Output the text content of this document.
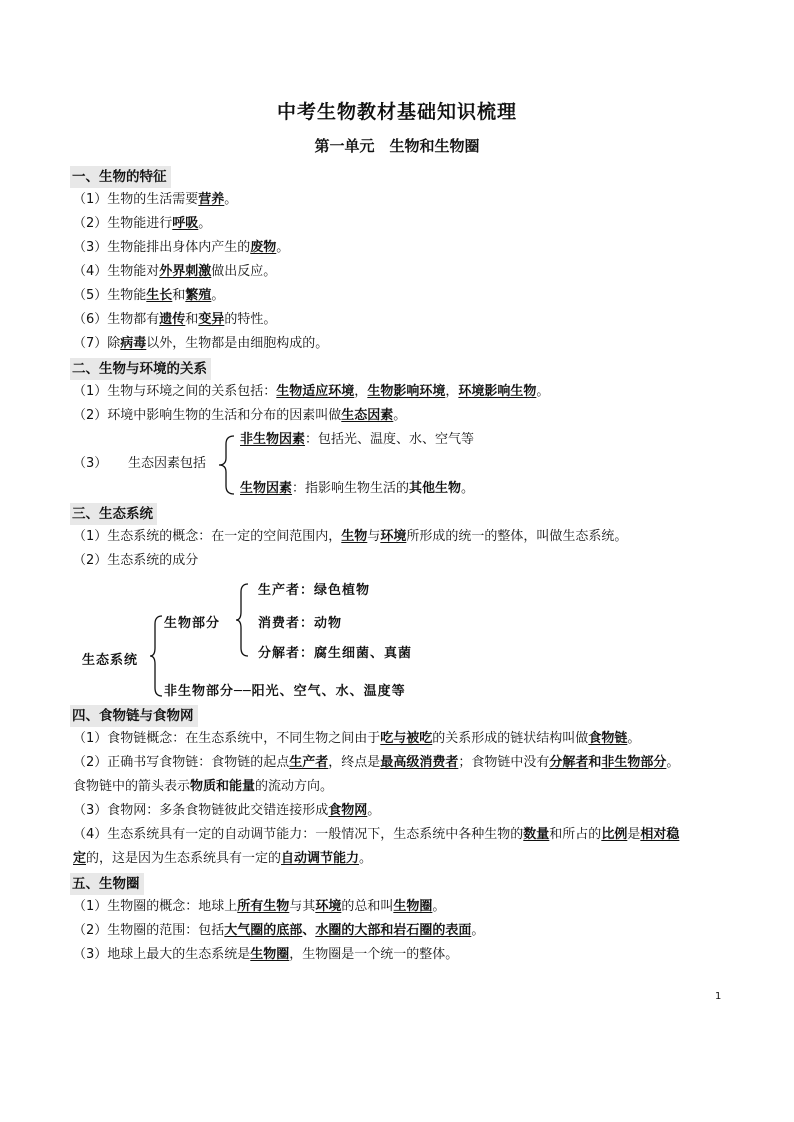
中考生物教材基础知识梳理
第一单元　生物和生物圈
一、生物的特征
（1）生物的生活需要营养。
（2）生物能进行呼吸。
（3）生物能排出身体内产生的废物。
（4）生物能对外界刺激做出反应。
（5）生物能生长和繁殖。
（6）生物都有遗传和变异的特性。
（7）除病毒以外，生物都是由细胞构成的。
二、生物与环境的关系
（1）生物与环境之间的关系包括：生物适应环境，生物影响环境，环境影响生物。
（2）环境中影响生物的生活和分布的因素叫做生态因素。
（3） 生态因素包括
非生物因素：包括光、温度、水、空气等
生物因素：指影响生物生活的其他生物。
三、生态系统
（1）生态系统的概念：在一定的空间范围内，生物与环境所形成的统一的整体，叫做生态系统。
（2）生态系统的成分
生态系统
生物部分
生产者：绿色植物
消费者：动物
分解者：腐生细菌、真菌
非生物部分──阳光、空气、水、温度等
四、食物链与食物网
（1）食物链概念：在生态系统中，不同生物之间由于吃与被吃的关系形成的链状结构叫做食物链。
（2）正确书写食物链：食物链的起点生产者，终点是最高级消费者；食物链中没有分解者和非生物部分。
食物链中的箭头表示物质和能量的流动方向。
（3）食物网：多条食物链彼此交错连接形成食物网。
（4）生态系统具有一定的自动调节能力：一般情况下，生态系统中各种生物的数量和所占的比例是相对稳
定的，这是因为生态系统具有一定的自动调节能力。
五、生物圈
（1）生物圈的概念：地球上所有生物与其环境的总和叫生物圈。
（2）生物圈的范围：包括大气圈的底部、水圈的大部和岩石圈的表面。
（3）地球上最大的生态系统是生物圈，生物圈是一个统一的整体。
1
